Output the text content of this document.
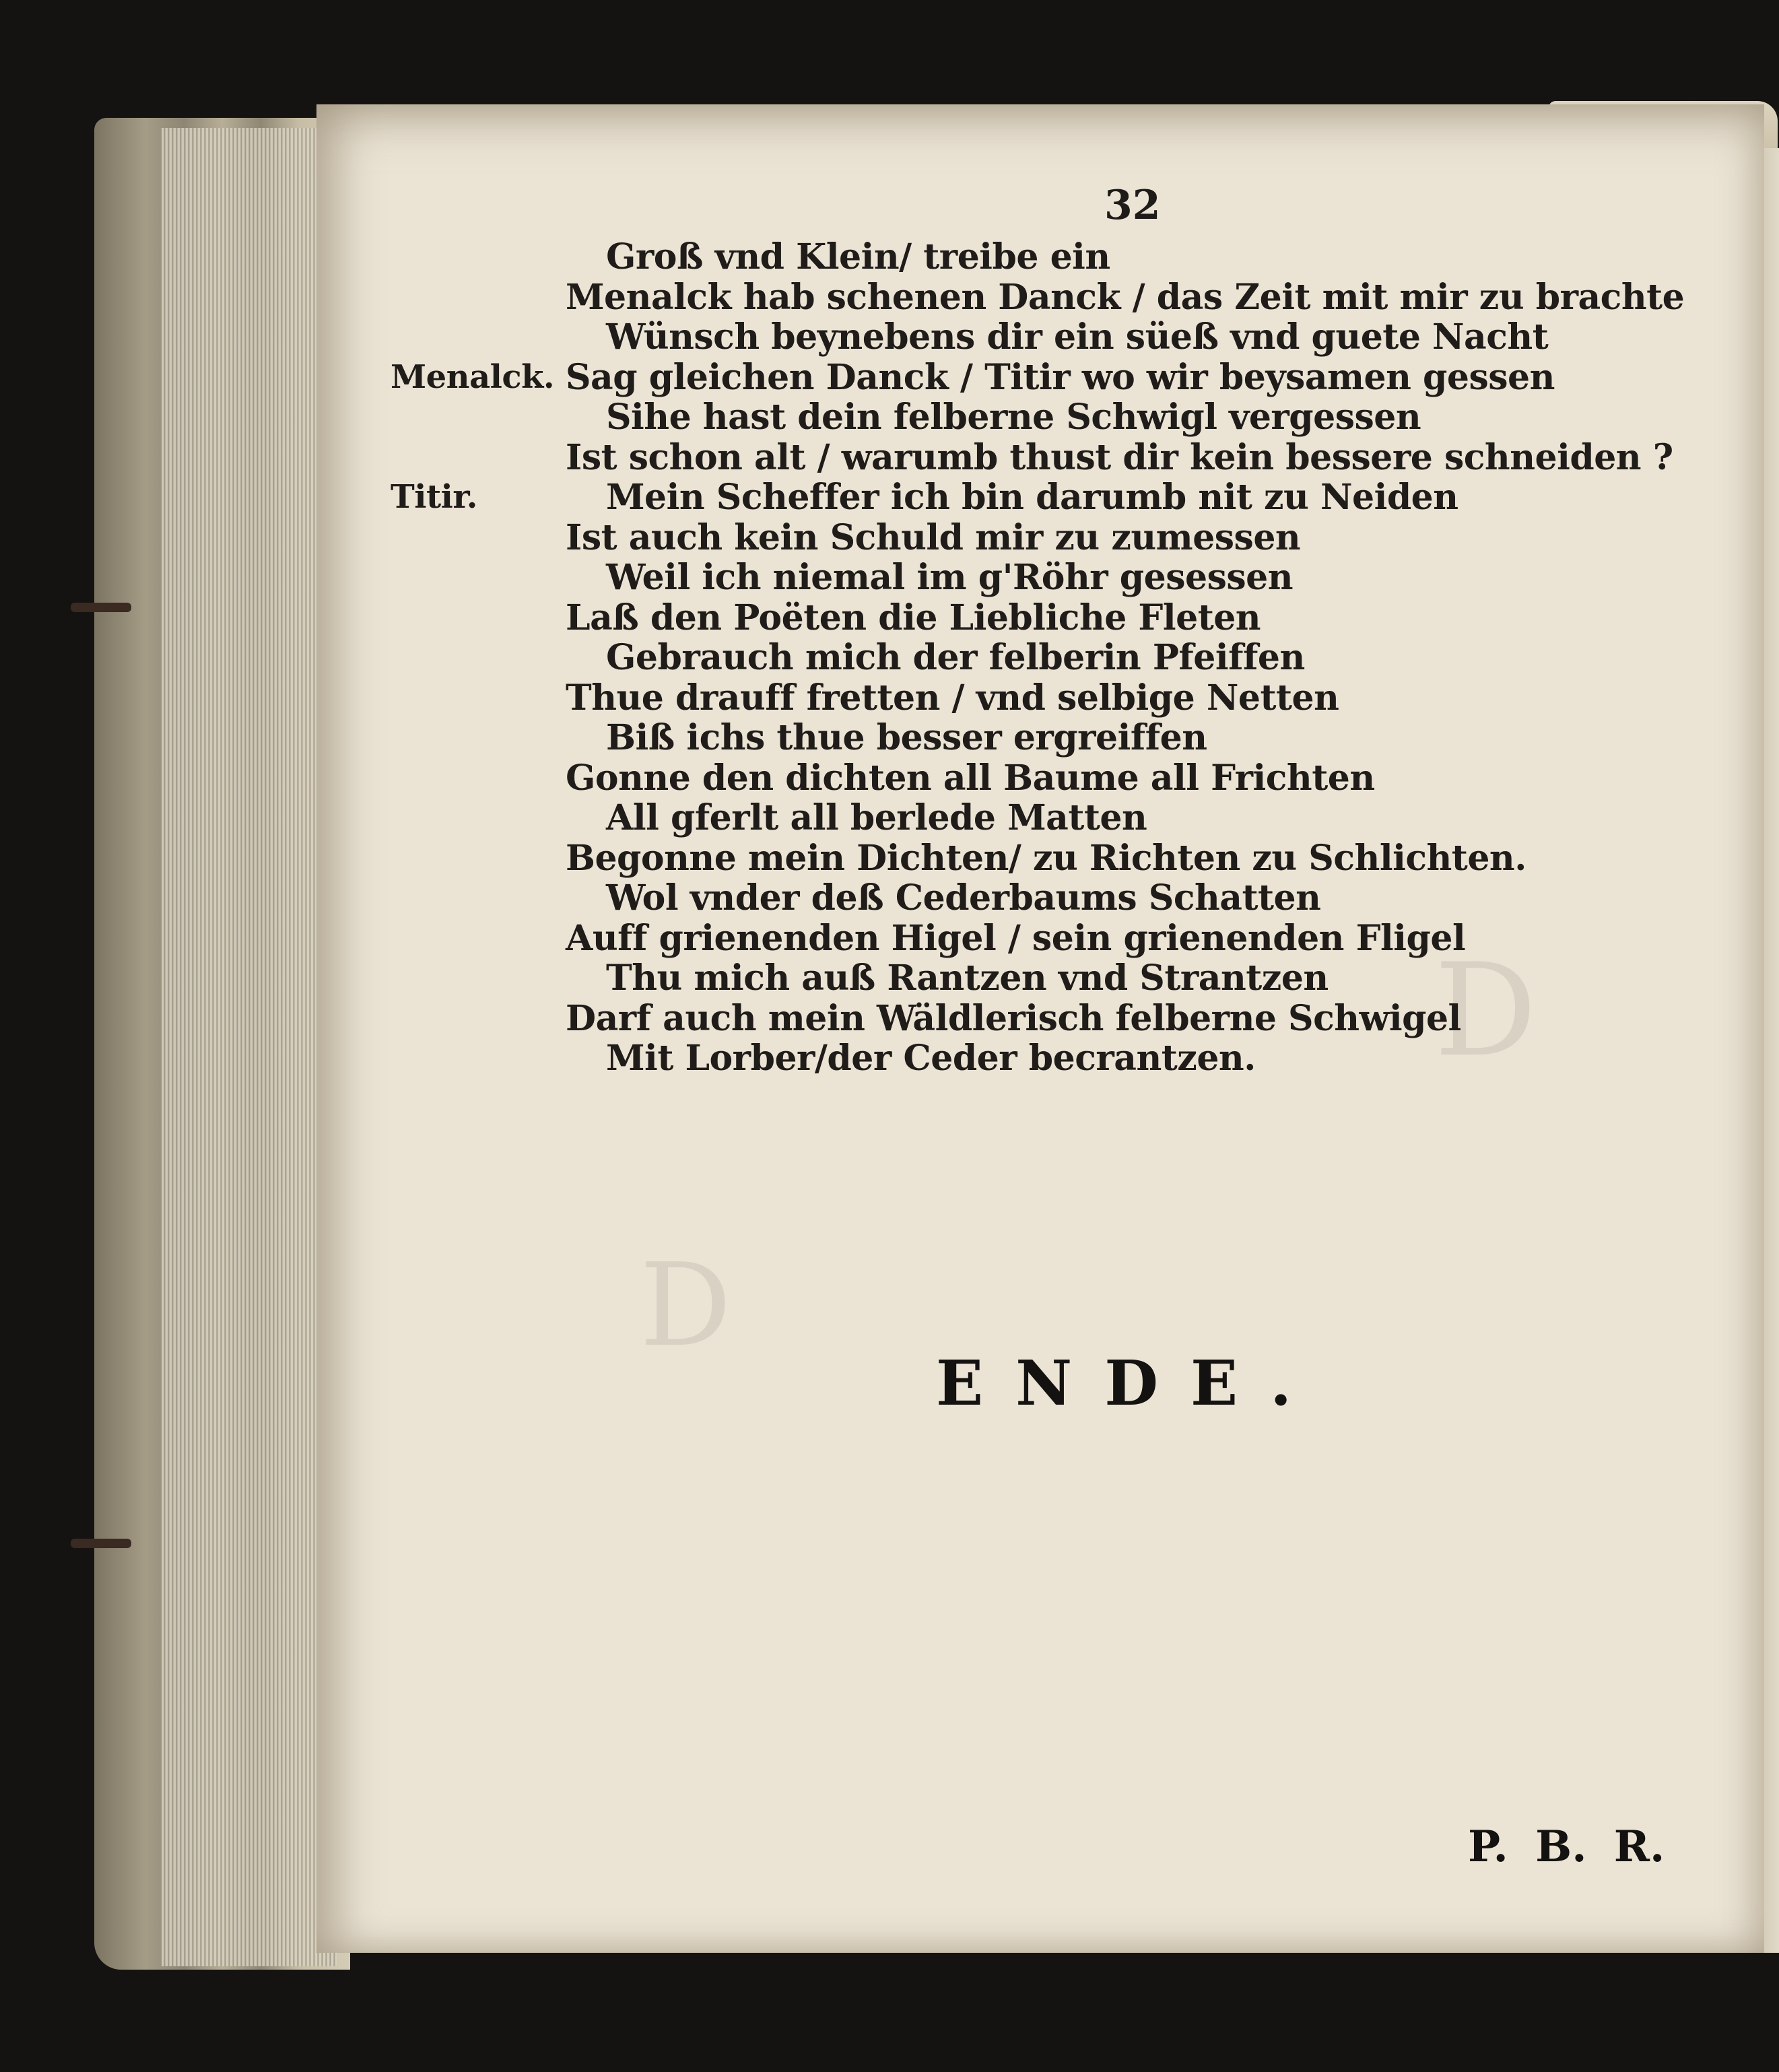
D
D
32
Groß vnd Klein/ treibe ein
Menalck hab schenen Danck / das Zeit mit mir zu brachte
Wünsch beynebens dir ein süeß vnd guete Nacht
Menalck. Sag gleichen Danck / Titir wo wir beysamen gessen
Sihe hast dein felberne Schwigl vergessen
Ist schon alt / warumb thust dir kein bessere schneiden ?
Titir.	Mein Scheffer ich bin darumb nit zu Neiden
Ist auch kein Schuld mir zu zumessen
Weil ich niemal im g'Röhr gesessen
Laß den Poëten die Liebliche Fleten
Gebrauch mich der felberin Pfeiffen
Thue drauff fretten / vnd selbige Netten
Biß ichs thue besser ergreiffen
Gonne den dichten all Baume all Frichten
All gferlt all berlede Matten
Begonne mein Dichten/ zu Richten zu Schlichten.
Wol vnder deß Cederbaums Schatten
Auff grienenden Higel / sein grienenden Fligel
Thu mich auß Rantzen vnd Strantzen
Darf auch mein Wäldlerisch felberne Schwigel
Mit Lorber/der Ceder becrantzen.
ENDE.
P. B. R.
